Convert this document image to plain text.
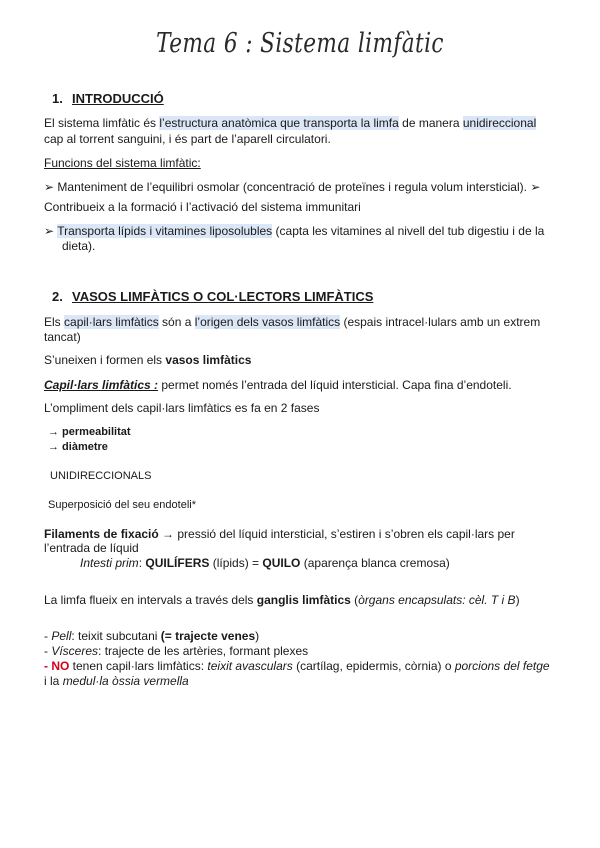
Tema 6 : Sistema limfàtic
1. INTRODUCCIÓ
El sistema limfàtic és l’estructura anatòmica que transporta la limfa de manera unidireccional
cap al torrent sanguini, i és part de l’aparell circulatori.
Funcions del sistema limfàtic:
➢ Manteniment de l’equilibri osmolar (concentració de proteïnes i regula volum intersticial). ➢
Contribueix a la formació i l’activació del sistema immunitari
➢ Transporta lípids i vitamines liposolubles (capta les vitamines al nivell del tub digestiu i de la
dieta).
2. VASOS LIMFÀTICS O COL·LECTORS LIMFÀTICS
Els capil·lars limfàtics són a l’origen dels vasos limfàtics (espais intracel·lulars amb un extrem
tancat)
S’uneixen i formen els vasos limfàtics
Capil·lars limfàtics : permet només l’entrada del líquid intersticial. Capa fina d’endoteli.
L’ompliment dels capil·lars limfàtics es fa en 2 fases
→ permeabilitat
→ diàmetre
UNIDIRECCIONALS
Superposició del seu endoteli*
Filaments de fixació → pressió del líquid intersticial, s’estiren i s’obren els capil·lars per
l’entrada de líquid
Intesti prim: QUILÍFERS (lípids) = QUILO (aparença blanca cremosa)
La limfa flueix en intervals a través dels ganglis limfàtics (òrgans encapsulats: cèl. T i B)
- Pell: teixit subcutani (= trajecte venes)
- Vísceres: trajecte de les artèries, formant plexes
- NO tenen capil·lars limfàtics: teixit avasculars (cartílag, epidermis, còrnia) o porcions del fetge
i la medul·la òssia vermella
